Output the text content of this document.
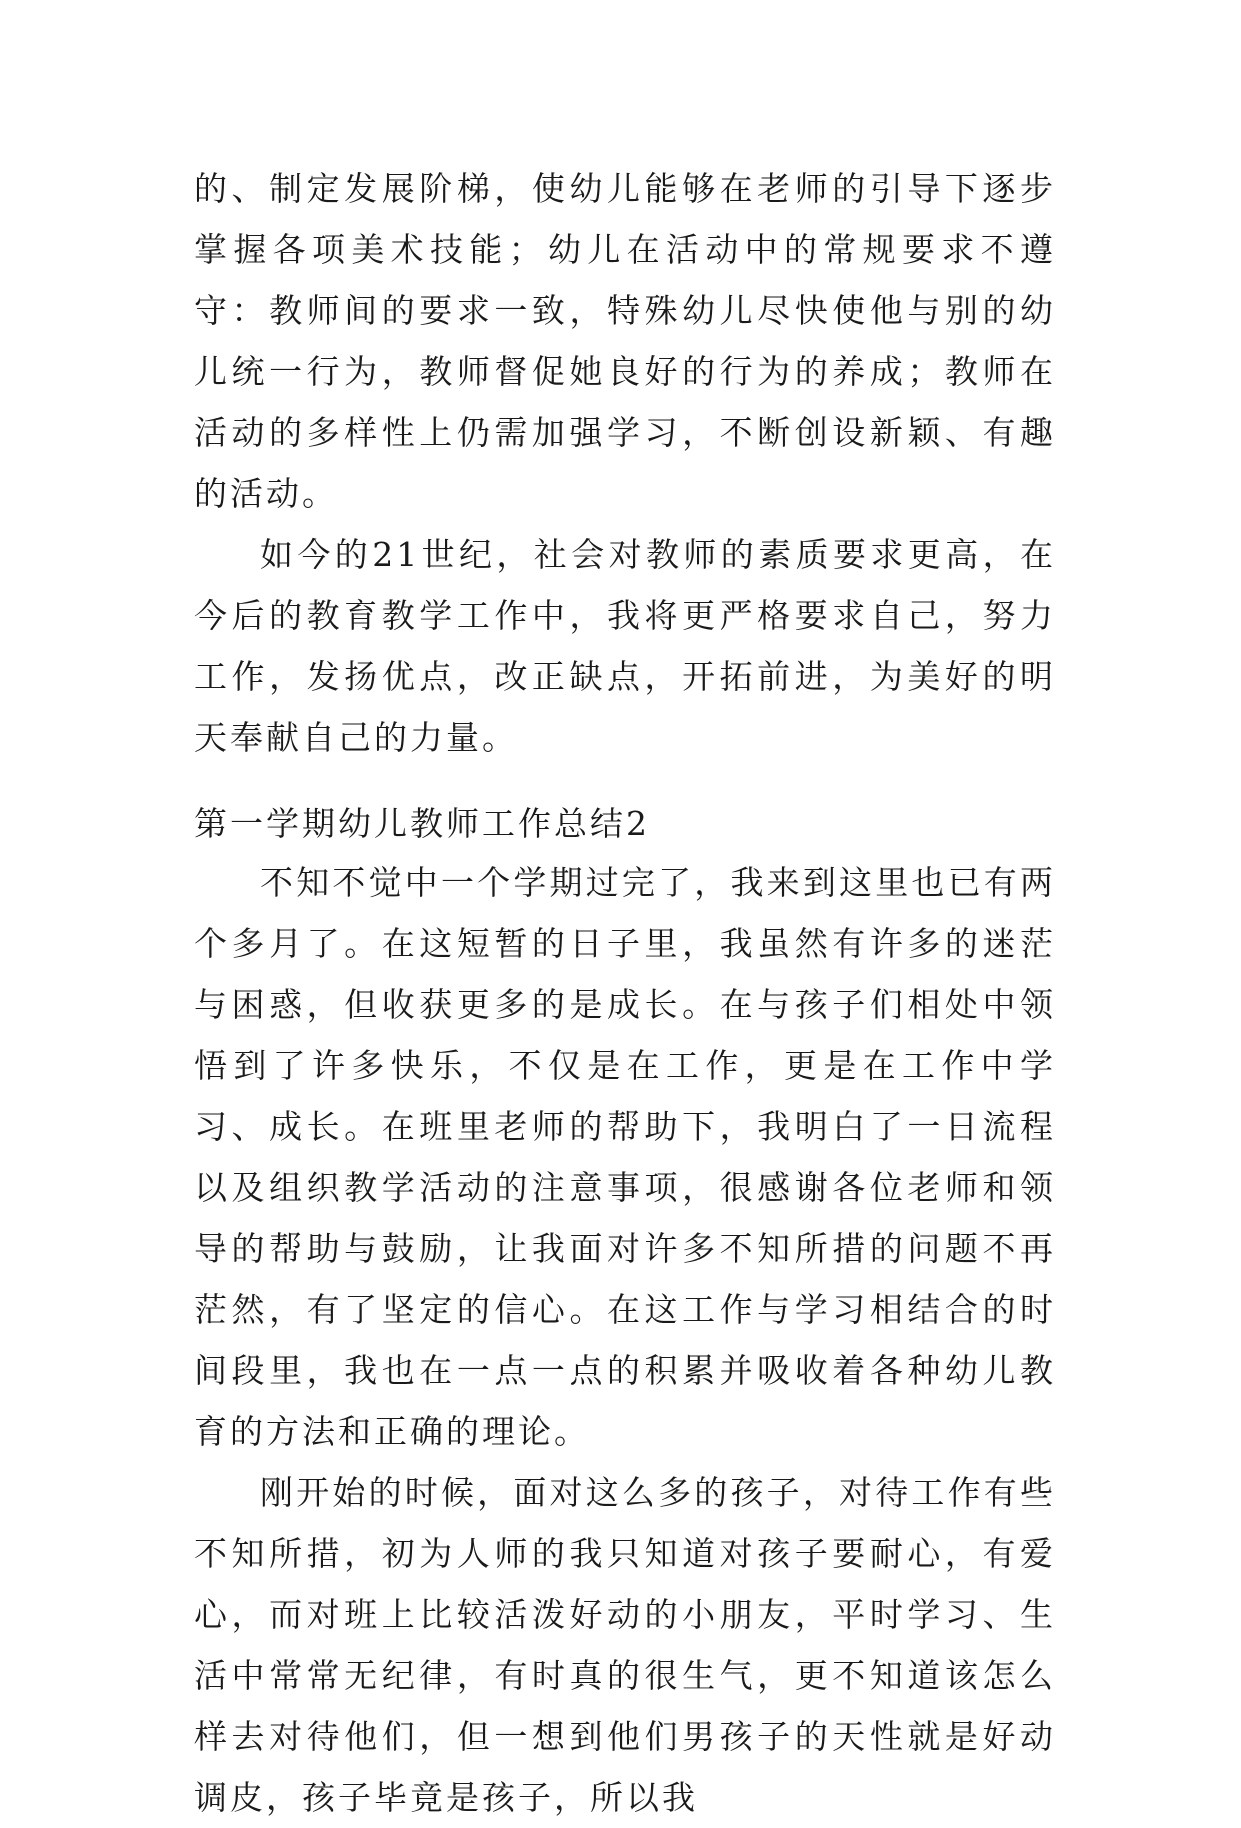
的、制定发展阶梯，使幼儿能够在老师的引导下逐步掌握各项美术技能；幼儿在活动中的常规要求不遵守：教师间的要求一致，特殊幼儿尽快使他与别的幼儿统一行为，教师督促她良好的行为的养成；教师在活动的多样性上仍需加强学习，不断创设新颖、有趣的活动。

如今的21世纪，社会对教师的素质要求更高，在今后的教育教学工作中，我将更严格要求自己，努力工作，发扬优点，改正缺点，开拓前进，为美好的明天奉献自己的力量。

第一学期幼儿教师工作总结2

不知不觉中一个学期过完了，我来到这里也已有两个多月了。在这短暂的日子里，我虽然有许多的迷茫与困惑，但收获更多的是成长。在与孩子们相处中领悟到了许多快乐，不仅是在工作，更是在工作中学习、成长。在班里老师的帮助下，我明白了一日流程以及组织教学活动的注意事项，很感谢各位老师和领导的帮助与鼓励，让我面对许多不知所措的问题不再茫然，有了坚定的信心。在这工作与学习相结合的时间段里，我也在一点一点的积累并吸收着各种幼儿教育的方法和正确的理论。

刚开始的时候，面对这么多的孩子，对待工作有些不知所措，初为人师的我只知道对孩子要耐心，有爱心，而对班上比较活泼好动的小朋友，平时学习、生活中常常无纪律，有时真的很生气，更不知道该怎么样去对待他们，但一想到他们男孩子的天性就是好动调皮，孩子毕竟是孩子，所以我
